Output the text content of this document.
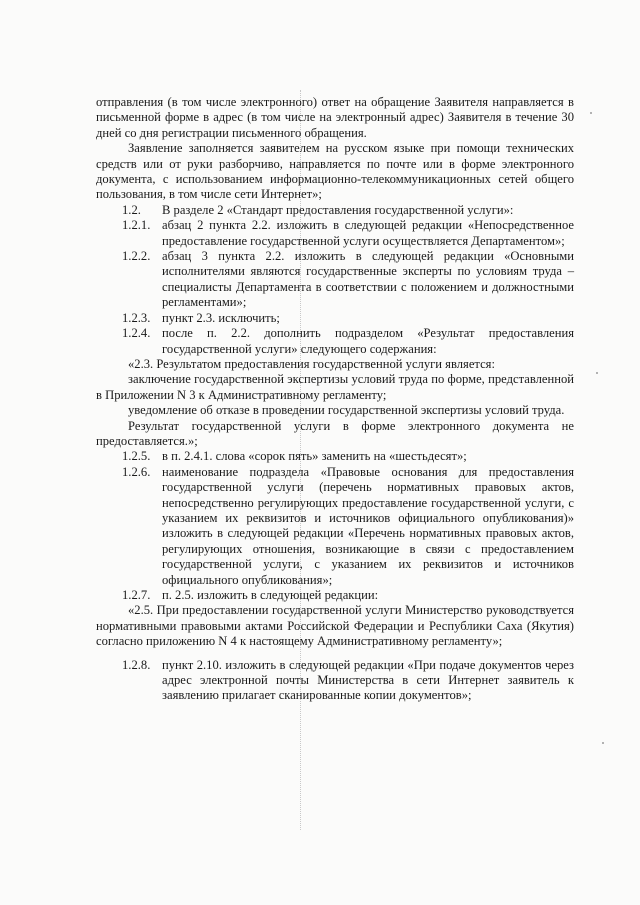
отправления (в том числе электронного) ответ на обращение Заявителя направляется в письменной форме в адрес (в том числе на электронный адрес) Заявителя в течение 30 дней со дня регистрации письменного обращения.

Заявление заполняется заявителем на русском языке при помощи технических средств или от руки разборчиво, направляется по почте или в форме электронного документа, с использованием информационно-телекоммуникационных сетей общего пользования, в том числе сети Интернет»;

1.2.	В разделе 2 «Стандарт предоставления государственной услуги»:
1.2.1. абзац 2 пункта 2.2. изложить в следующей редакции «Непосредственное предоставление государственной услуги осуществляется Департаментом»;
1.2.2. абзац 3 пункта 2.2. изложить в следующей редакции «Основными исполнителями являются государственные эксперты по условиям труда – специалисты Департамента в соответствии с положением и должностными регламентами»;
1.2.3. пункт 2.3. исключить;
1.2.4. после п. 2.2. дополнить подразделом «Результат предоставления государственной услуги» следующего содержания:

«2.3. Результатом предоставления государственной услуги является:

заключение государственной экспертизы условий труда по форме, представленной в Приложении N 3 к Административному регламенту;

уведомление об отказе в проведении государственной экспертизы условий труда.

Результат государственной услуги в форме электронного документа не предоставляется.»;

1.2.5. в п. 2.4.1. слова «сорок пять» заменить на «шестьдесят»;
1.2.6. наименование подраздела «Правовые основания для предоставления государственной услуги (перечень нормативных правовых актов, непосредственно регулирующих предоставление государственной услуги, с указанием их реквизитов и источников официального опубликования)» изложить в следующей редакции «Перечень нормативных правовых актов, регулирующих отношения, возникающие в связи с предоставлением государственной услуги, с указанием их реквизитов и источников официального опубликования»;
1.2.7. п. 2.5. изложить в следующей редакции:

«2.5. При предоставлении государственной услуги Министерство руководствуется нормативными правовыми актами Российской Федерации и Республики Саха (Якутия) согласно приложению N 4 к настоящему Административному регламенту»;

1.2.8. пункт 2.10. изложить в следующей редакции «При подаче документов через адрес электронной почты Министерства в сети Интернет заявитель к заявлению прилагает сканированные копии документов»;
